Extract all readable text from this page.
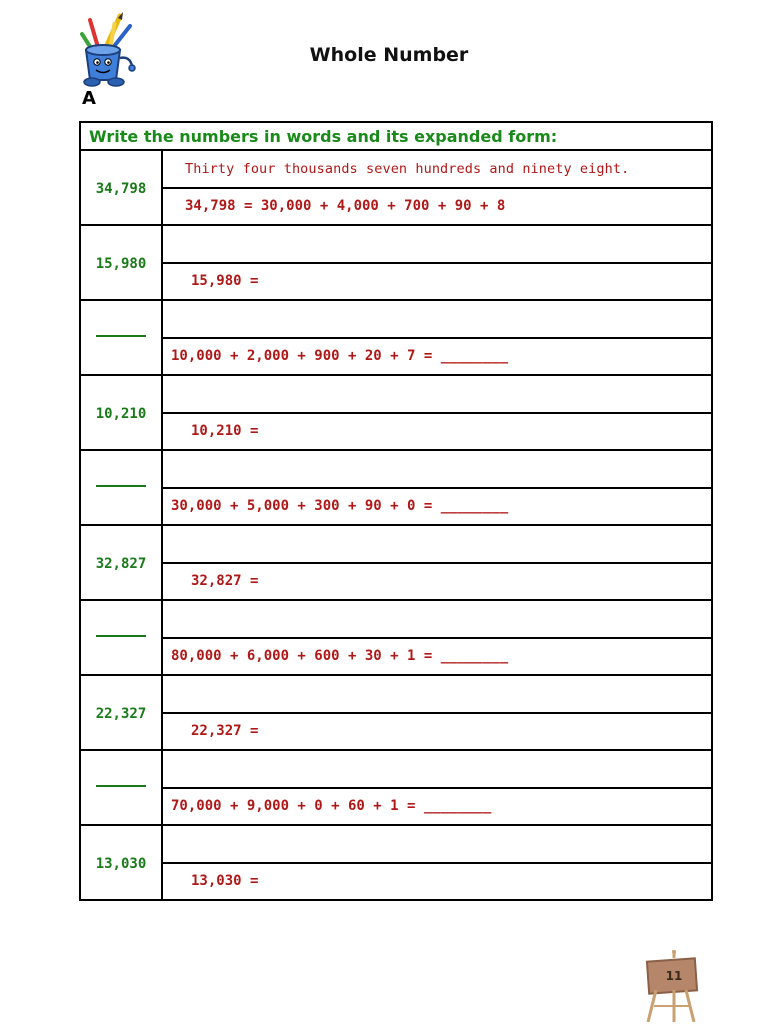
Whole Number
A
Write the numbers in words and its expanded form:	
34,798	Thirty four thousands seven hundreds and ninety eight.
	34,798 = 30,000 + 4,000 + 700 + 90 + 8
15,980	
	15,980 =

	10,000 + 2,000 + 900 + 20 + 7 = ________
10,210	
	10,210 =

	30,000 + 5,000 + 300 + 90 + 0 = ________
32,827	
	32,827 =

	80,000 + 6,000 + 600 + 30 + 1 = ________
22,327	
	22,327 =

	70,000 + 9,000 + 0 + 60 + 1 = ________
13,030	
	13,030 =
11
